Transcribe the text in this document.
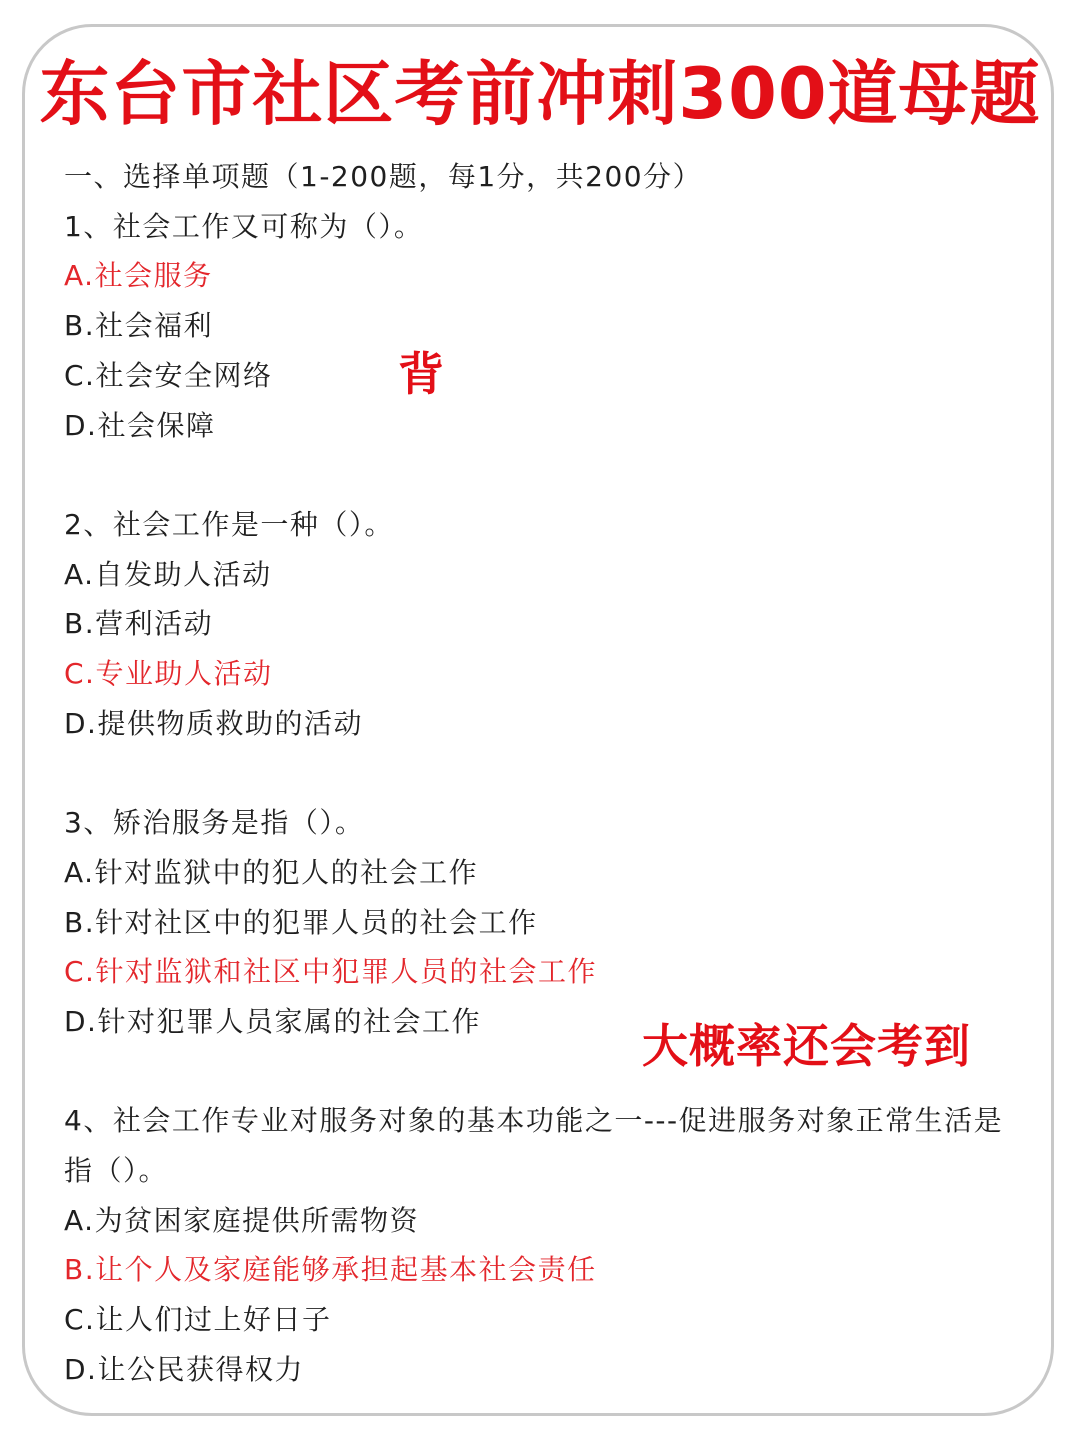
东台市社区考前冲刺300道母题
一、选择单项题（1-200题，每1分，共200分）
1、社会工作又可称为（）。
A.社会服务
B.社会福利
C.社会安全网络
D.社会保障
2、社会工作是一种（）。
A.自发助人活动
B.营利活动
C.专业助人活动
D.提供物质救助的活动
3、矫治服务是指（）。
A.针对监狱中的犯人的社会工作
B.针对社区中的犯罪人员的社会工作
C.针对监狱和社区中犯罪人员的社会工作
D.针对犯罪人员家属的社会工作
4、社会工作专业对服务对象的基本功能之一---促进服务对象正常生活是指（）。
A.为贫困家庭提供所需物资
B.让个人及家庭能够承担起基本社会责任
C.让人们过上好日子
D.让公民获得权力
背
大概率还会考到
